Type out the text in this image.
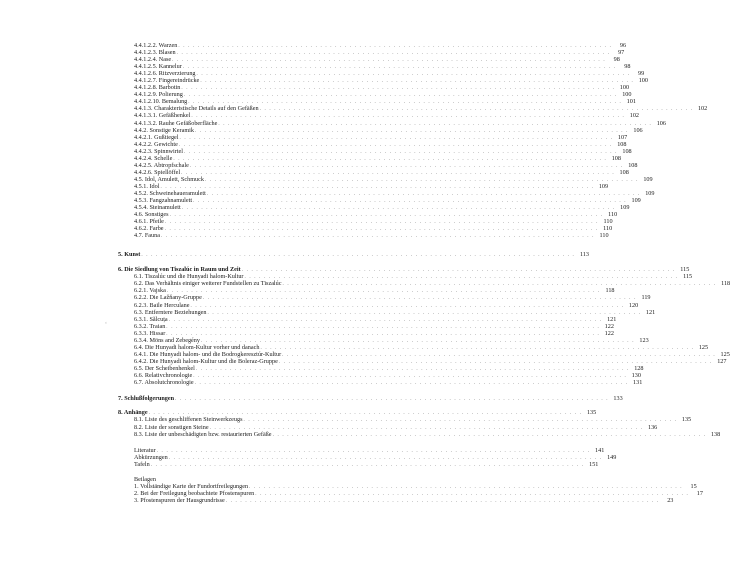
4.4.1.2.2. Warzen . . . . . . . . . . . . . . . . . . . . . . . . . . . . . . . . . . . . . . . . . . . . . . . . . . . . . . . . . . . . . . . . . . . . . . . . . . . . . . . . . . . . . . . . .	96
4.4.1.2.3. Blasen . . . . . . . . . . . . . . . . . . . . . . . . . . . . . . . . . . . . . . . . . . . . . . . . . . . . . . . . . . . . . . . . . . . . . . . . . . . . . . . . . . . . . . . . .	97
4.4.1.2.4. Nase . . . . . . . . . . . . . . . . . . . . . . . . . . . . . . . . . . . . . . . . . . . . . . . . . . . . . . . . . . . . . . . . . . . . . . . . . . . . . . . . . . . . . . . . .	98
4.4.1.2.5. Kannelur . . . . . . . . . . . . . . . . . . . . . . . . . . . . . . . . . . . . . . . . . . . . . . . . . . . . . . . . . . . . . . . . . . . . . . . . . . . . . . . . . . . . . . . . .	98
4.4.1.2.6. Ritzverzierung . . . . . . . . . . . . . . . . . . . . . . . . . . . . . . . . . . . . . . . . . . . . . . . . . . . . . . . . . . . . . . . . . . . . . . . . . . . . . . . . . . . . . . . . .	99
4.4.1.2.7. Fingereindrücke . . . . . . . . . . . . . . . . . . . . . . . . . . . . . . . . . . . . . . . . . . . . . . . . . . . . . . . . . . . . . . . . . . . . . . . . . . . . . . . . . . . . . . . . . 100
4.4.1.2.8. Barbotin . . . . . . . . . . . . . . . . . . . . . . . . . . . . . . . . . . . . . . . . . . . . . . . . . . . . . . . . . . . . . . . . . . . . . . . . . . . . . . . . . . . . . . . . . 100
4.4.1.2.9. Polierung . . . . . . . . . . . . . . . . . . . . . . . . . . . . . . . . . . . . . . . . . . . . . . . . . . . . . . . . . . . . . . . . . . . . . . . . . . . . . . . . . . . . . . . . . 100
4.4.1.2.10. Bemalung . . . . . . . . . . . . . . . . . . . . . . . . . . . . . . . . . . . . . . . . . . . . . . . . . . . . . . . . . . . . . . . . . . . . . . . . . . . . . . . . . . . . . . . . . 101
4.4.1.3. Charakteristische Details auf den Gefäßen . . . . . . . . . . . . . . . . . . . . . . . . . . . . . . . . . . . . . . . . . . . . . . . . . . . . . . . . . . . . . . . . . . . . . . . . . . . . . . . . . . . . . . . . . 102
4.4.1.3.1. Gefäßhenkel . . . . . . . . . . . . . . . . . . . . . . . . . . . . . . . . . . . . . . . . . . . . . . . . . . . . . . . . . . . . . . . . . . . . . . . . . . . . . . . . . . . . . . . . . 102
4.4.1.3.2. Rauhe Gefäßoberfläche . . . . . . . . . . . . . . . . . . . . . . . . . . . . . . . . . . . . . . . . . . . . . . . . . . . . . . . . . . . . . . . . . . . . . . . . . . . . . . . . . . . . . . . . . 106
4.4.2. Sonstige Keramik . . . . . . . . . . . . . . . . . . . . . . . . . . . . . . . . . . . . . . . . . . . . . . . . . . . . . . . . . . . . . . . . . . . . . . . . . . . . . . . . . . . . . . . . . 106
4.4.2.1. Gußtiegel . . . . . . . . . . . . . . . . . . . . . . . . . . . . . . . . . . . . . . . . . . . . . . . . . . . . . . . . . . . . . . . . . . . . . . . . . . . . . . . . . . . . . . . . . 107
4.4.2.2. Gewichte . . . . . . . . . . . . . . . . . . . . . . . . . . . . . . . . . . . . . . . . . . . . . . . . . . . . . . . . . . . . . . . . . . . . . . . . . . . . . . . . . . . . . . . . . 108
4.4.2.3. Spinnwirtel . . . . . . . . . . . . . . . . . . . . . . . . . . . . . . . . . . . . . . . . . . . . . . . . . . . . . . . . . . . . . . . . . . . . . . . . . . . . . . . . . . . . . . . . . 108
4.4.2.4. Schelle . . . . . . . . . . . . . . . . . . . . . . . . . . . . . . . . . . . . . . . . . . . . . . . . . . . . . . . . . . . . . . . . . . . . . . . . . . . . . . . . . . . . . . . . . 108
4.4.2.5. Abtropfschale . . . . . . . . . . . . . . . . . . . . . . . . . . . . . . . . . . . . . . . . . . . . . . . . . . . . . . . . . . . . . . . . . . . . . . . . . . . . . . . . . . . . . . . . . 108
4.4.2.6. Spiellöffel . . . . . . . . . . . . . . . . . . . . . . . . . . . . . . . . . . . . . . . . . . . . . . . . . . . . . . . . . . . . . . . . . . . . . . . . . . . . . . . . . . . . . . . . . 108
4.5. Idol, Amulett, Schmuck . . . . . . . . . . . . . . . . . . . . . . . . . . . . . . . . . . . . . . . . . . . . . . . . . . . . . . . . . . . . . . . . . . . . . . . . . . . . . . . . . . . . . . . . . 109
4.5.1. Idol . . . . . . . . . . . . . . . . . . . . . . . . . . . . . . . . . . . . . . . . . . . . . . . . . . . . . . . . . . . . . . . . . . . . . . . . . . . . . . . . . . . . . . . . . 109
4.5.2. Schweinehaueramulett . . . . . . . . . . . . . . . . . . . . . . . . . . . . . . . . . . . . . . . . . . . . . . . . . . . . . . . . . . . . . . . . . . . . . . . . . . . . . . . . . . . . . . . . . 109
4.5.3. Fangzahnamulett . . . . . . . . . . . . . . . . . . . . . . . . . . . . . . . . . . . . . . . . . . . . . . . . . . . . . . . . . . . . . . . . . . . . . . . . . . . . . . . . . . . . . . . . . 109
4.5.4. Steinamulett . . . . . . . . . . . . . . . . . . . . . . . . . . . . . . . . . . . . . . . . . . . . . . . . . . . . . . . . . . . . . . . . . . . . . . . . . . . . . . . . . . . . . . . . . 109
4.6. Sonstiges . . . . . . . . . . . . . . . . . . . . . . . . . . . . . . . . . . . . . . . . . . . . . . . . . . . . . . . . . . . . . . . . . . . . . . . . . . . . . . . . . . . . . . . . . 110
4.6.1. Pfeile . . . . . . . . . . . . . . . . . . . . . . . . . . . . . . . . . . . . . . . . . . . . . . . . . . . . . . . . . . . . . . . . . . . . . . . . . . . . . . . . . . . . . . . . . 110
4.6.2. Farbe . . . . . . . . . . . . . . . . . . . . . . . . . . . . . . . . . . . . . . . . . . . . . . . . . . . . . . . . . . . . . . . . . . . . . . . . . . . . . . . . . . . . . . . . . 110
4.7. Fauna . . . . . . . . . . . . . . . . . . . . . . . . . . . . . . . . . . . . . . . . . . . . . . . . . . . . . . . . . . . . . . . . . . . . . . . . . . . . . . . . . . . . . . . . . 110
5. Kunst . . . . . . . . . . . . . . . . . . . . . . . . . . . . . . . . . . . . . . . . . . . . . . . . . . . . . . . . . . . . . . . . . . . . . . . . . . . . . . . . . . . . . . . . . 113
6. Die Siedlung von Tiszalúc in Raum und Zeit . . . . . . . . . . . . . . . . . . . . . . . . . . . . . . . . . . . . . . . . . . . . . . . . . . . . . . . . . . . . . . . . . . . . . . . . . . . . . . . . . . . . . . . . . 115
6.1. Tiszalúc und die Hunyadi halom-Kultur . . . . . . . . . . . . . . . . . . . . . . . . . . . . . . . . . . . . . . . . . . . . . . . . . . . . . . . . . . . . . . . . . . . . . . . . . . . . . . . . . . . . . . . . . 115
6.2. Das Verhältnis einiger weiterer Fundstellen zu Tiszalúc . . . . . . . . . . . . . . . . . . . . . . . . . . . . . . . . . . . . . . . . . . . . . . . . . . . . . . . . . . . . . . . . . . . . . . . . . . . . . . . . . . . . . . . . . 118
6.2.1. Vajska . . . . . . . . . . . . . . . . . . . . . . . . . . . . . . . . . . . . . . . . . . . . . . . . . . . . . . . . . . . . . . . . . . . . . . . . . . . . . . . . . . . . . . . . . 118
6.2.2. Die Lažňany-Gruppe . . . . . . . . . . . . . . . . . . . . . . . . . . . . . . . . . . . . . . . . . . . . . . . . . . . . . . . . . . . . . . . . . . . . . . . . . . . . . . . . . . . . . . . . . 119
6.2.3. Baile Herculane . . . . . . . . . . . . . . . . . . . . . . . . . . . . . . . . . . . . . . . . . . . . . . . . . . . . . . . . . . . . . . . . . . . . . . . . . . . . . . . . . . . . . . . . . 120
6.3. Entferntere Beziehungen . . . . . . . . . . . . . . . . . . . . . . . . . . . . . . . . . . . . . . . . . . . . . . . . . . . . . . . . . . . . . . . . . . . . . . . . . . . . . . . . . . . . . . . . . 121
6.3.1. Sălcuța . . . . . . . . . . . . . . . . . . . . . . . . . . . . . . . . . . . . . . . . . . . . . . . . . . . . . . . . . . . . . . . . . . . . . . . . . . . . . . . . . . . . . . . . . 121
6.3.2. Traian . . . . . . . . . . . . . . . . . . . . . . . . . . . . . . . . . . . . . . . . . . . . . . . . . . . . . . . . . . . . . . . . . . . . . . . . . . . . . . . . . . . . . . . . . 122
6.3.3. Hissar . . . . . . . . . . . . . . . . . . . . . . . . . . . . . . . . . . . . . . . . . . . . . . . . . . . . . . . . . . . . . . . . . . . . . . . . . . . . . . . . . . . . . . . . . 122
6.3.4. Möns and Zebegény . . . . . . . . . . . . . . . . . . . . . . . . . . . . . . . . . . . . . . . . . . . . . . . . . . . . . . . . . . . . . . . . . . . . . . . . . . . . . . . . . . . . . . . . . 123
6.4. Die Hunyadi halom-Kultur vorher und danach . . . . . . . . . . . . . . . . . . . . . . . . . . . . . . . . . . . . . . . . . . . . . . . . . . . . . . . . . . . . . . . . . . . . . . . . . . . . . . . . . . . . . . . . . 125
6.4.1. Die Hunyadi halom- und die Bodrogkeresztúr-Kultur . . . . . . . . . . . . . . . . . . . . . . . . . . . . . . . . . . . . . . . . . . . . . . . . . . . . . . . . . . . . . . . . . . . . . . . . . . . . . . . . . . . . . . . . . 125
6.4.2. Die Hunyadi halom-Kultur und die Boleraz-Gruppe . . . . . . . . . . . . . . . . . . . . . . . . . . . . . . . . . . . . . . . . . . . . . . . . . . . . . . . . . . . . . . . . . . . . . . . . . . . . . . . . . . . . . . . . . 127
6.5. Der Scheibenhenkel . . . . . . . . . . . . . . . . . . . . . . . . . . . . . . . . . . . . . . . . . . . . . . . . . . . . . . . . . . . . . . . . . . . . . . . . . . . . . . . . . . . . . . . . . 128
6.6. Relativchronologie . . . . . . . . . . . . . . . . . . . . . . . . . . . . . . . . . . . . . . . . . . . . . . . . . . . . . . . . . . . . . . . . . . . . . . . . . . . . . . . . . . . . . . . . . 130
6.7. Absolutchronologie . . . . . . . . . . . . . . . . . . . . . . . . . . . . . . . . . . . . . . . . . . . . . . . . . . . . . . . . . . . . . . . . . . . . . . . . . . . . . . . . . . . . . . . . . 131
7. Schlußfolgerungen . . . . . . . . . . . . . . . . . . . . . . . . . . . . . . . . . . . . . . . . . . . . . . . . . . . . . . . . . . . . . . . . . . . . . . . . . . . . . . . . . . . . . . . . . 133
8. Anhänge . . . . . . . . . . . . . . . . . . . . . . . . . . . . . . . . . . . . . . . . . . . . . . . . . . . . . . . . . . . . . . . . . . . . . . . . . . . . . . . . . . . . . . . . . 135
8.1. Liste des geschliffenen Steinwerkzeugs . . . . . . . . . . . . . . . . . . . . . . . . . . . . . . . . . . . . . . . . . . . . . . . . . . . . . . . . . . . . . . . . . . . . . . . . . . . . . . . . . . . . . . . . . 135
8.2. Liste der sonstigen Steine . . . . . . . . . . . . . . . . . . . . . . . . . . . . . . . . . . . . . . . . . . . . . . . . . . . . . . . . . . . . . . . . . . . . . . . . . . . . . . . . . . . . . . . . . 136
8.3. Liste der unbeschädigten bzw. restaurierten Gefäße . . . . . . . . . . . . . . . . . . . . . . . . . . . . . . . . . . . . . . . . . . . . . . . . . . . . . . . . . . . . . . . . . . . . . . . . . . . . . . . . . . . . . . . . . 138
Literatur . . . . . . . . . . . . . . . . . . . . . . . . . . . . . . . . . . . . . . . . . . . . . . . . . . . . . . . . . . . . . . . . . . . . . . . . . . . . . . . . . . . . . . . . . 141
Abkürzungen . . . . . . . . . . . . . . . . . . . . . . . . . . . . . . . . . . . . . . . . . . . . . . . . . . . . . . . . . . . . . . . . . . . . . . . . . . . . . . . . . . . . . . . . . 149
Tafeln . . . . . . . . . . . . . . . . . . . . . . . . . . . . . . . . . . . . . . . . . . . . . . . . . . . . . . . . . . . . . . . . . . . . . . . . . . . . . . . . . . . . . . . . . 151
Beilagen
1. Vollständige Karte der Fundortfreilegungen . . . . . . . . . . . . . . . . . . . . . . . . . . . . . . . . . . . . . . . . . . . . . . . . . . . . . . . . . . . . . . . . . . . . . . . . . . . . . . . . . . . . . . . . .	15
2. Bei der Freilegung beobachtete Pfostenspuren . . . . . . . . . . . . . . . . . . . . . . . . . . . . . . . . . . . . . . . . . . . . . . . . . . . . . . . . . . . . . . . . . . . . . . . . . . . . . . . . . . . . . . . . .	17
3. Pfostenspuren der Hausgrundrisse . . . . . . . . . . . . . . . . . . . . . . . . . . . . . . . . . . . . . . . . . . . . . . . . . . . . . . . . . . . . . . . . . . . . . . . . . . . . . . . . . . . . . . . . .	23
ʻ
